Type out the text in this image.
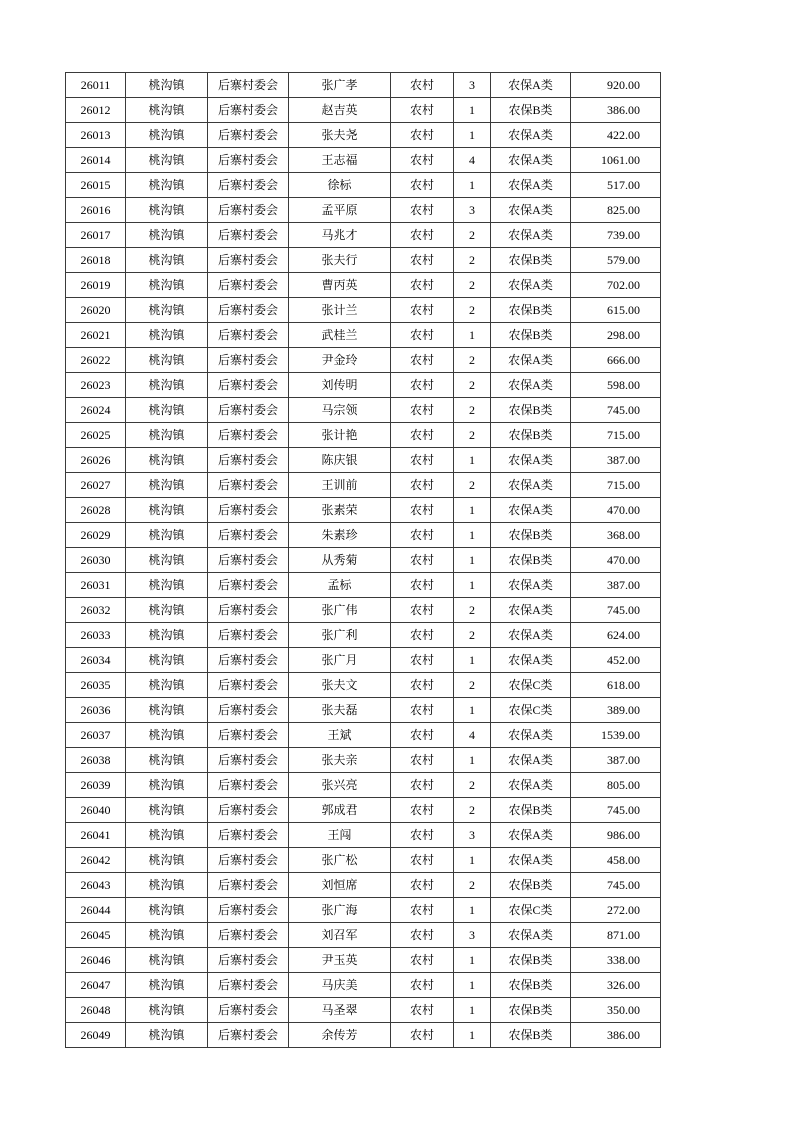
26011	桃沟镇	后寨村委会	张广孝	农村	3	农保A类	920.00
26012	桃沟镇	后寨村委会	赵吉英	农村	1	农保B类	386.00
26013	桃沟镇	后寨村委会	张夫尧	农村	1	农保A类	422.00
26014	桃沟镇	后寨村委会	王志福	农村	4	农保A类	1061.00
26015	桃沟镇	后寨村委会	徐标	农村	1	农保A类	517.00
26016	桃沟镇	后寨村委会	孟平原	农村	3	农保A类	825.00
26017	桃沟镇	后寨村委会	马兆才	农村	2	农保A类	739.00
26018	桃沟镇	后寨村委会	张夫行	农村	2	农保B类	579.00
26019	桃沟镇	后寨村委会	曹丙英	农村	2	农保A类	702.00
26020	桃沟镇	后寨村委会	张计兰	农村	2	农保B类	615.00
26021	桃沟镇	后寨村委会	武桂兰	农村	1	农保B类	298.00
26022	桃沟镇	后寨村委会	尹金玲	农村	2	农保A类	666.00
26023	桃沟镇	后寨村委会	刘传明	农村	2	农保A类	598.00
26024	桃沟镇	后寨村委会	马宗领	农村	2	农保B类	745.00
26025	桃沟镇	后寨村委会	张计艳	农村	2	农保B类	715.00
26026	桃沟镇	后寨村委会	陈庆银	农村	1	农保A类	387.00
26027	桃沟镇	后寨村委会	王训前	农村	2	农保A类	715.00
26028	桃沟镇	后寨村委会	张素荣	农村	1	农保A类	470.00
26029	桃沟镇	后寨村委会	朱素珍	农村	1	农保B类	368.00
26030	桃沟镇	后寨村委会	从秀菊	农村	1	农保B类	470.00
26031	桃沟镇	后寨村委会	孟标	农村	1	农保A类	387.00
26032	桃沟镇	后寨村委会	张广伟	农村	2	农保A类	745.00
26033	桃沟镇	后寨村委会	张广利	农村	2	农保A类	624.00
26034	桃沟镇	后寨村委会	张广月	农村	1	农保A类	452.00
26035	桃沟镇	后寨村委会	张夫文	农村	2	农保C类	618.00
26036	桃沟镇	后寨村委会	张夫磊	农村	1	农保C类	389.00
26037	桃沟镇	后寨村委会	王斌	农村	4	农保A类	1539.00
26038	桃沟镇	后寨村委会	张夫亲	农村	1	农保A类	387.00
26039	桃沟镇	后寨村委会	张兴亮	农村	2	农保A类	805.00
26040	桃沟镇	后寨村委会	郭成君	农村	2	农保B类	745.00
26041	桃沟镇	后寨村委会	王闯	农村	3	农保A类	986.00
26042	桃沟镇	后寨村委会	张广松	农村	1	农保A类	458.00
26043	桃沟镇	后寨村委会	刘恒席	农村	2	农保B类	745.00
26044	桃沟镇	后寨村委会	张广海	农村	1	农保C类	272.00
26045	桃沟镇	后寨村委会	刘召军	农村	3	农保A类	871.00
26046	桃沟镇	后寨村委会	尹玉英	农村	1	农保B类	338.00
26047	桃沟镇	后寨村委会	马庆美	农村	1	农保B类	326.00
26048	桃沟镇	后寨村委会	马圣翠	农村	1	农保B类	350.00
26049	桃沟镇	后寨村委会	余传芳	农村	1	农保B类	386.00
